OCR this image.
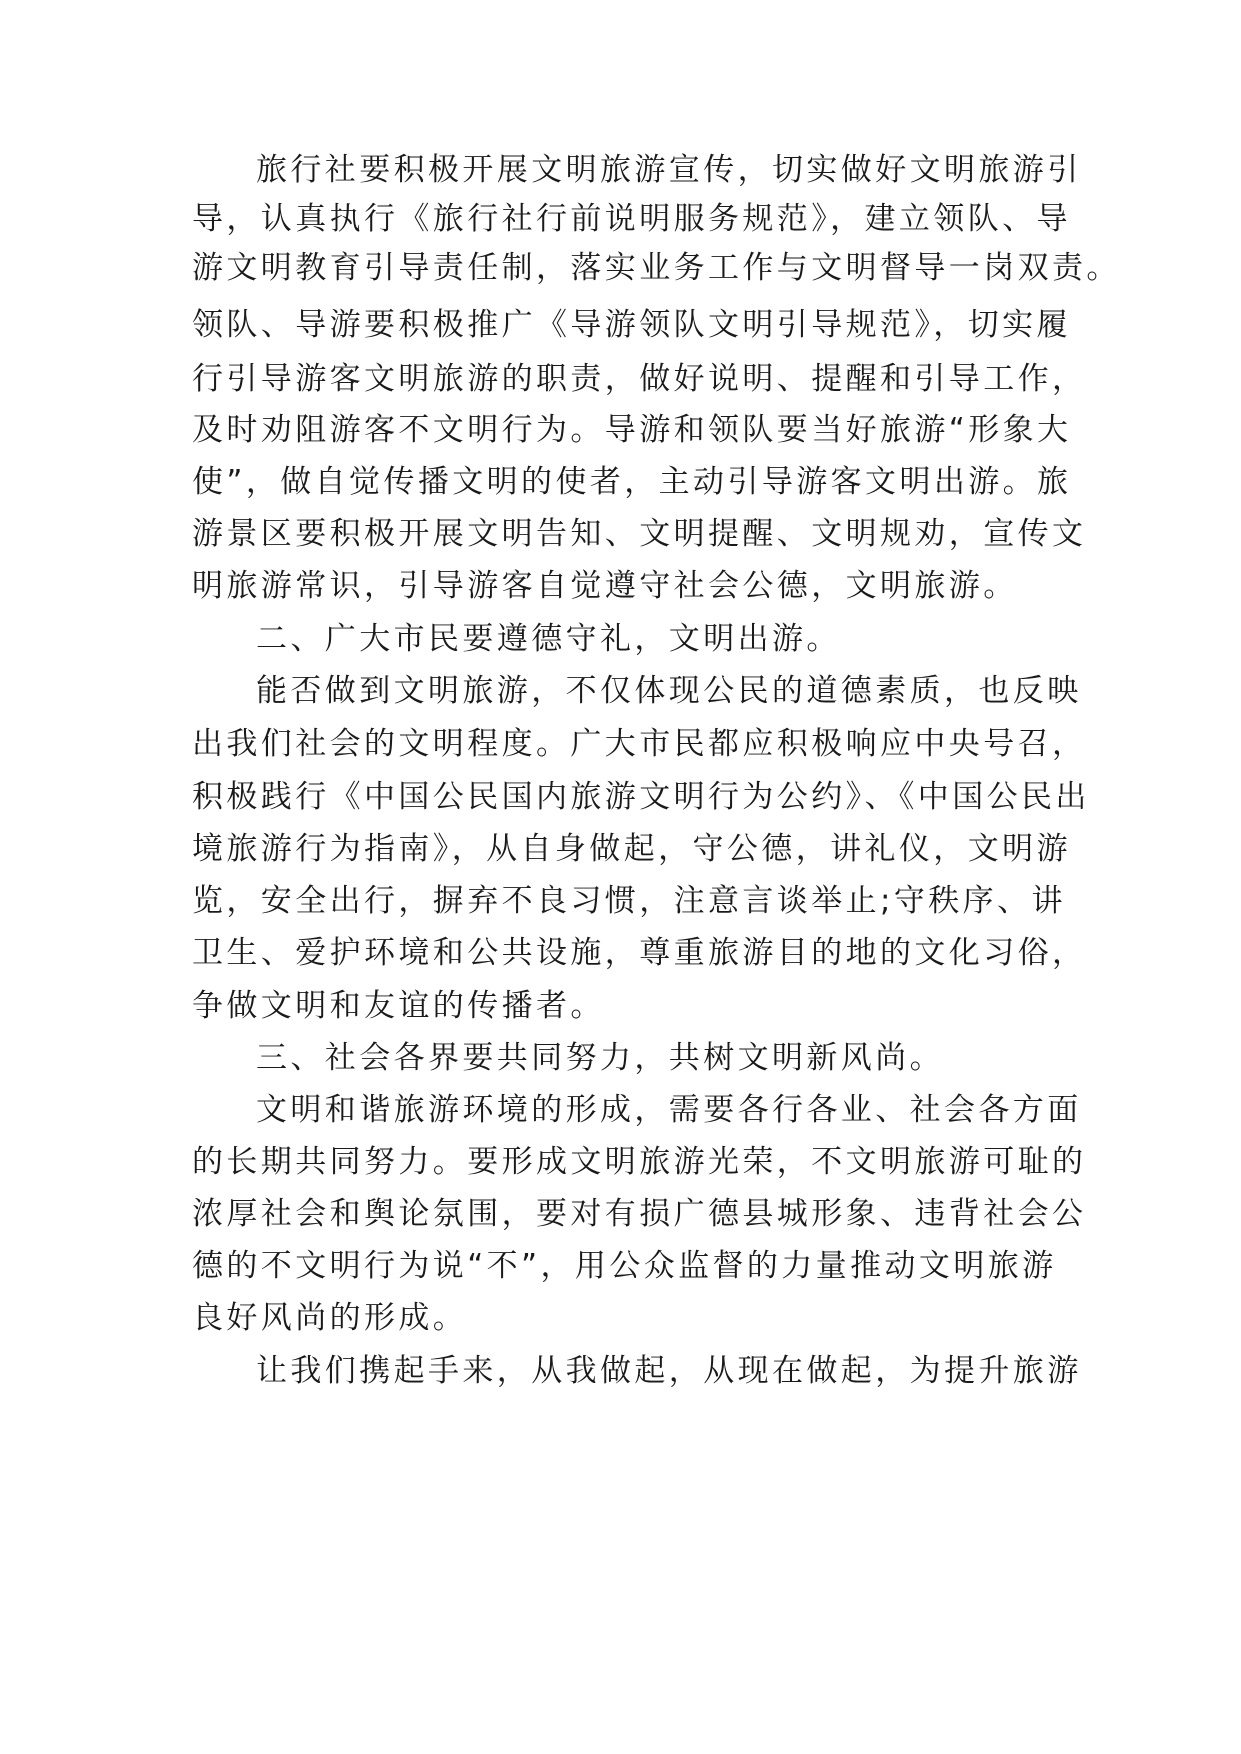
旅行社要积极开展文明旅游宣传，切实做好文明旅游引
导，认真执行《旅行社行前说明服务规范》，建立领队、导
游文明教育引导责任制，落实业务工作与文明督导一岗双责。
领队、导游要积极推广《导游领队文明引导规范》，切实履
行引导游客文明旅游的职责，做好说明、提醒和引导工作，
及时劝阻游客不文明行为。导游和领队要当好旅游“形象大
使”，做自觉传播文明的使者，主动引导游客文明出游。旅
游景区要积极开展文明告知、文明提醒、文明规劝，宣传文
明旅游常识，引导游客自觉遵守社会公德，文明旅游。
二、广大市民要遵德守礼，文明出游。
能否做到文明旅游，不仅体现公民的道德素质，也反映
出我们社会的文明程度。广大市民都应积极响应中央号召，
积极践行《中国公民国内旅游文明行为公约》、《中国公民出
境旅游行为指南》，从自身做起，守公德，讲礼仪，文明游
览，安全出行，摒弃不良习惯，注意言谈举止;守秩序、讲
卫生、爱护环境和公共设施，尊重旅游目的地的文化习俗，
争做文明和友谊的传播者。
三、社会各界要共同努力，共树文明新风尚。
文明和谐旅游环境的形成，需要各行各业、社会各方面
的长期共同努力。要形成文明旅游光荣，不文明旅游可耻的
浓厚社会和舆论氛围，要对有损广德县城形象、违背社会公
德的不文明行为说“不”，用公众监督的力量推动文明旅游
良好风尚的形成。
让我们携起手来，从我做起，从现在做起，为提升旅游
